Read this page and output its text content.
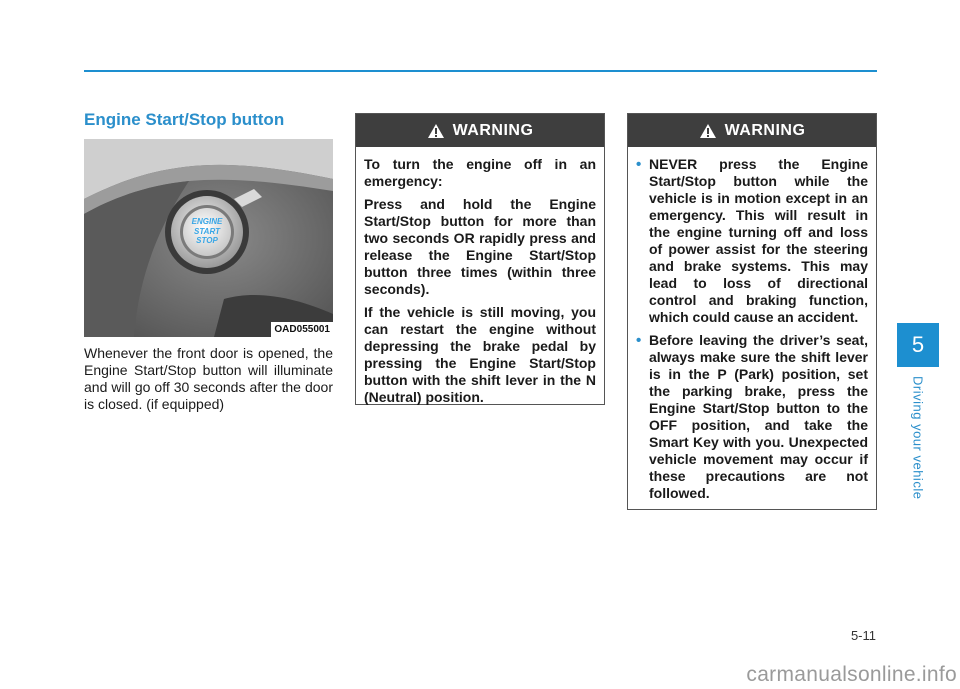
Engine Start/Stop button
ENGINE
START
STOP
OAD055001
Whenever the front door is opened, the Engine Start/Stop button will illuminate and will go off 30 seconds after the door is closed. (if equipped)
WARNING

To turn the engine off in an emergency:

Press and hold the Engine Start/Stop button for more than two seconds OR rapidly press and release the Engine Start/Stop button three times (within three seconds).

If the vehicle is still moving, you can restart the engine without depressing the brake pedal by pressing the Engine Start/Stop button with the shift lever in the N (Neutral) position.

WARNING
• NEVER press the Engine Start/Stop button while the vehicle is in motion except in an emergency. This will result in the engine turning off and loss of power assist for the steering and brake systems. This may lead to loss of directional control and braking function, which could cause an accident.
• Before leaving the driver’s seat, always make sure the shift lever is in the P (Park) position, set the parking brake, press the Engine Start/Stop button to the OFF position, and take the Smart Key with you. Unexpected vehicle movement may occur if these precautions are not followed.
5
Driving your vehicle
5-11
carmanualsonline.info
